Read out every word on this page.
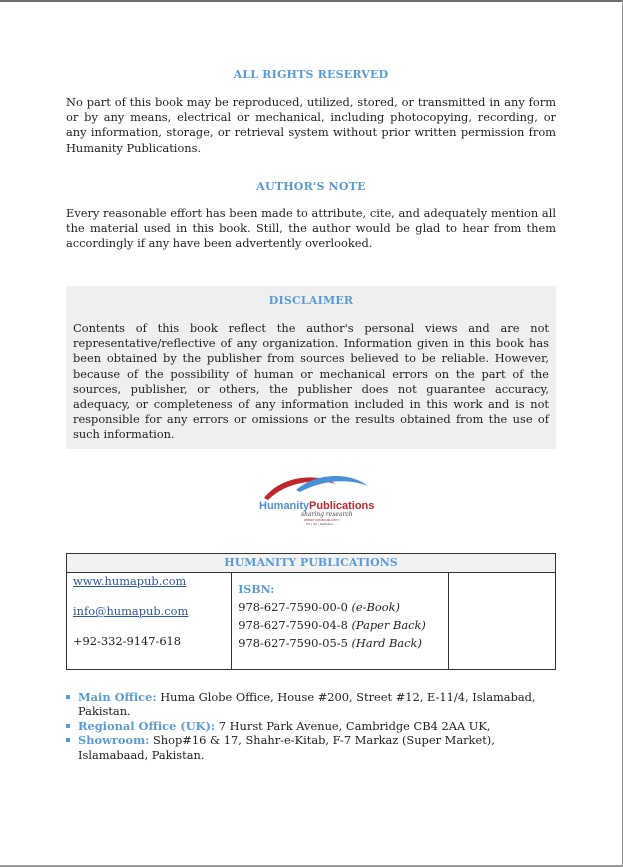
ALL RIGHTS RESERVED

No part of this book may be reproduced, utilized, stored, or transmitted in any form or by any means, electrical or mechanical, including photocopying, recording, or any information, storage, or retrieval system without prior written permission from Humanity Publications.

AUTHOR'S NOTE

Every reasonable effort has been made to attribute, cite, and adequately mention all the material used in this book. Still, the author would be glad to hear from them accordingly if any have been advertently overlooked.

DISCLAIMER

Contents of this book reflect the author's personal views and are not representative/reflective of any organization. Information given in this book has been obtained by the publisher from sources believed to be reliable. However, because of the possibility of human or mechanical errors on the part of the sources, publisher, or others, the publisher does not guarantee accuracy, adequacy, or completeness of any information included in this work and is not responsible for any errors or omissions or the results obtained from the use of such information.

Humanity Publications
sharing research
www.humapub.com
US | UK | Pakistan
HUMANITY PUBLICATIONS

www.humapub.com
info@humapub.com
+92-332-9147-618

ISBN:
978-627-7590-00-0 (e-Book)
978-627-7590-04-8 (Paper Back)
978-627-7590-05-5 (Hard Back)

Main Office: Huma Globe Office, House #200, Street #12, E-11/4, Islamabad, Pakistan.
Regional Office (UK): 7 Hurst Park Avenue, Cambridge CB4 2AA UK,
Showroom: Shop#16 & 17, Shahr-e-Kitab, F-7 Markaz (Super Market), Islamabaad, Pakistan.
